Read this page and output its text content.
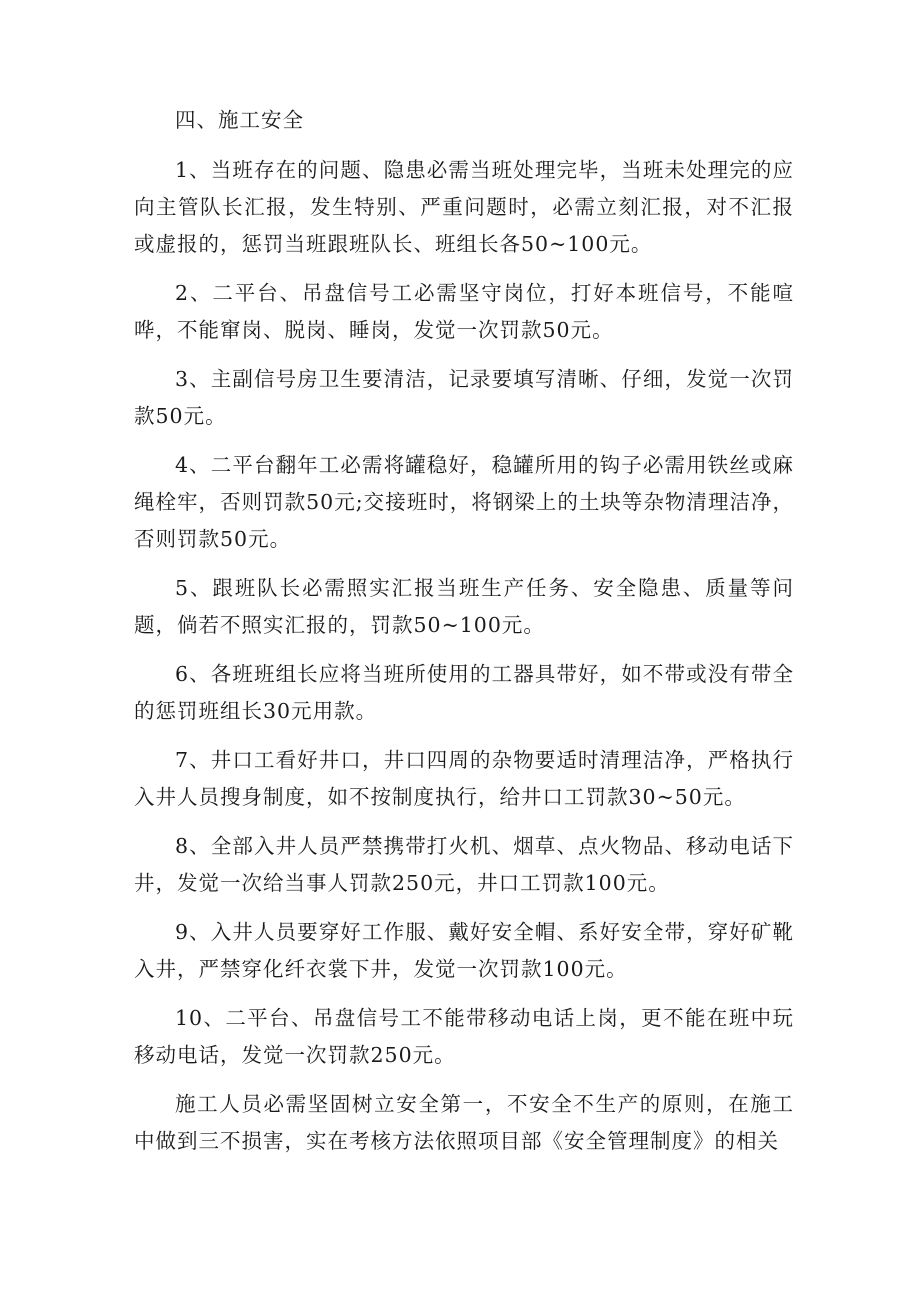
四、施工安全

1、当班存在的问题、隐患必需当班处理完毕，当班未处理完的应向主管队长汇报，发生特别、严重问题时，必需立刻汇报，对不汇报或虚报的，惩罚当班跟班队长、班组长各50~100元。

2、二平台、吊盘信号工必需坚守岗位，打好本班信号，不能喧哗，不能窜岗、脱岗、睡岗，发觉一次罚款50元。

3、主副信号房卫生要清洁，记录要填写清晰、仔细，发觉一次罚款50元。

4、二平台翻年工必需将罐稳好，稳罐所用的钩子必需用铁丝或麻绳栓牢，否则罚款50元;交接班时，将钢梁上的土块等杂物清理洁净，否则罚款50元。

5、跟班队长必需照实汇报当班生产任务、安全隐患、质量等问题，倘若不照实汇报的，罚款50~100元。

6、各班班组长应将当班所使用的工器具带好，如不带或没有带全的惩罚班组长30元用款。

7、井口工看好井口，井口四周的杂物要适时清理洁净，严格执行入井人员搜身制度，如不按制度执行，给井口工罚款30~50元。

8、全部入井人员严禁携带打火机、烟草、点火物品、移动电话下井，发觉一次给当事人罚款250元，井口工罚款100元。

9、入井人员要穿好工作服、戴好安全帽、系好安全带，穿好矿靴入井，严禁穿化纤衣裳下井，发觉一次罚款100元。

10、二平台、吊盘信号工不能带移动电话上岗，更不能在班中玩移动电话，发觉一次罚款250元。

施工人员必需坚固树立安全第一，不安全不生产的原则，在施工中做到三不损害，实在考核方法依照项目部《安全管理制度》的相关
